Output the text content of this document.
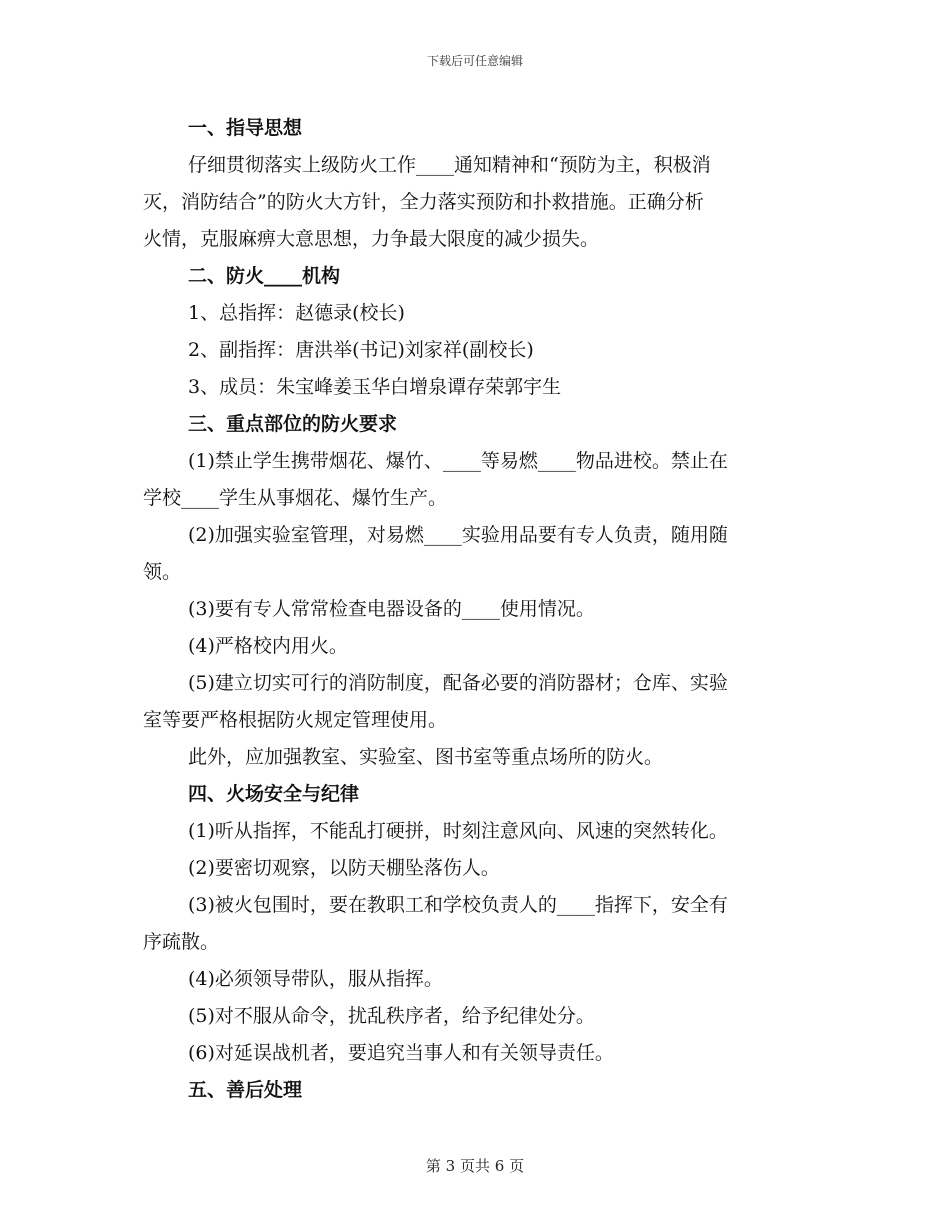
下载后可任意编辑
一、指导思想
仔细贯彻落实上级防火工作____通知精神和“预防为主，积极消
灭，消防结合”的防火大方针，全力落实预防和扑救措施。正确分析
火情，克服麻痹大意思想，力争最大限度的减少损失。
二、防火____机构
1、总指挥：赵德录(校长)
2、副指挥：唐洪举(书记)刘家祥(副校长)
3、成员：朱宝峰姜玉华白增泉谭存荣郭宇生
三、重点部位的防火要求
(1)禁止学生携带烟花、爆竹、____等易燃____物品进校。禁止在
学校____学生从事烟花、爆竹生产。
(2)加强实验室管理，对易燃____实验用品要有专人负责，随用随
领。
(3)要有专人常常检查电器设备的____使用情况。
(4)严格校内用火。
(5)建立切实可行的消防制度，配备必要的消防器材；仓库、实验
室等要严格根据防火规定管理使用。
此外，应加强教室、实验室、图书室等重点场所的防火。
四、火场安全与纪律
(1)听从指挥，不能乱打硬拼，时刻注意风向、风速的突然转化。
(2)要密切观察，以防天棚坠落伤人。
(3)被火包围时，要在教职工和学校负责人的____指挥下，安全有
序疏散。
(4)必须领导带队，服从指挥。
(5)对不服从命令，扰乱秩序者，给予纪律处分。
(6)对延误战机者，要追究当事人和有关领导责任。
五、善后处理
第 3 页共 6 页
